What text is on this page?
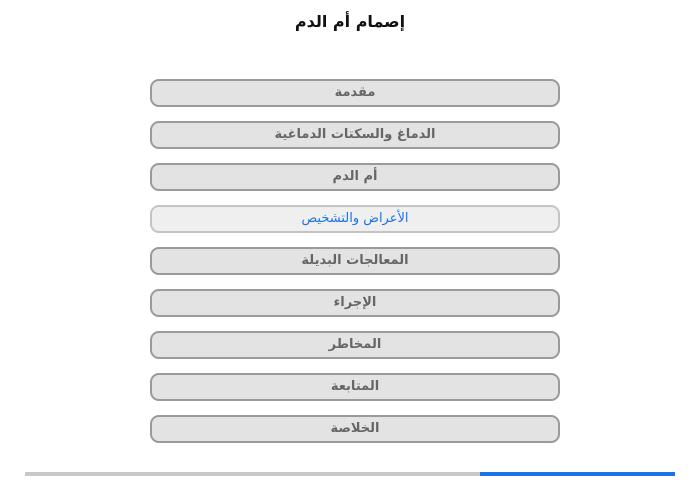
إصمام أم الدم
مقدمة
الدماغ والسكتات الدماغية
أم الدم
الأعراض والتشخيص
المعالجات البديلة
الإجراء
المخاطر
المتابعة
الخلاصة
